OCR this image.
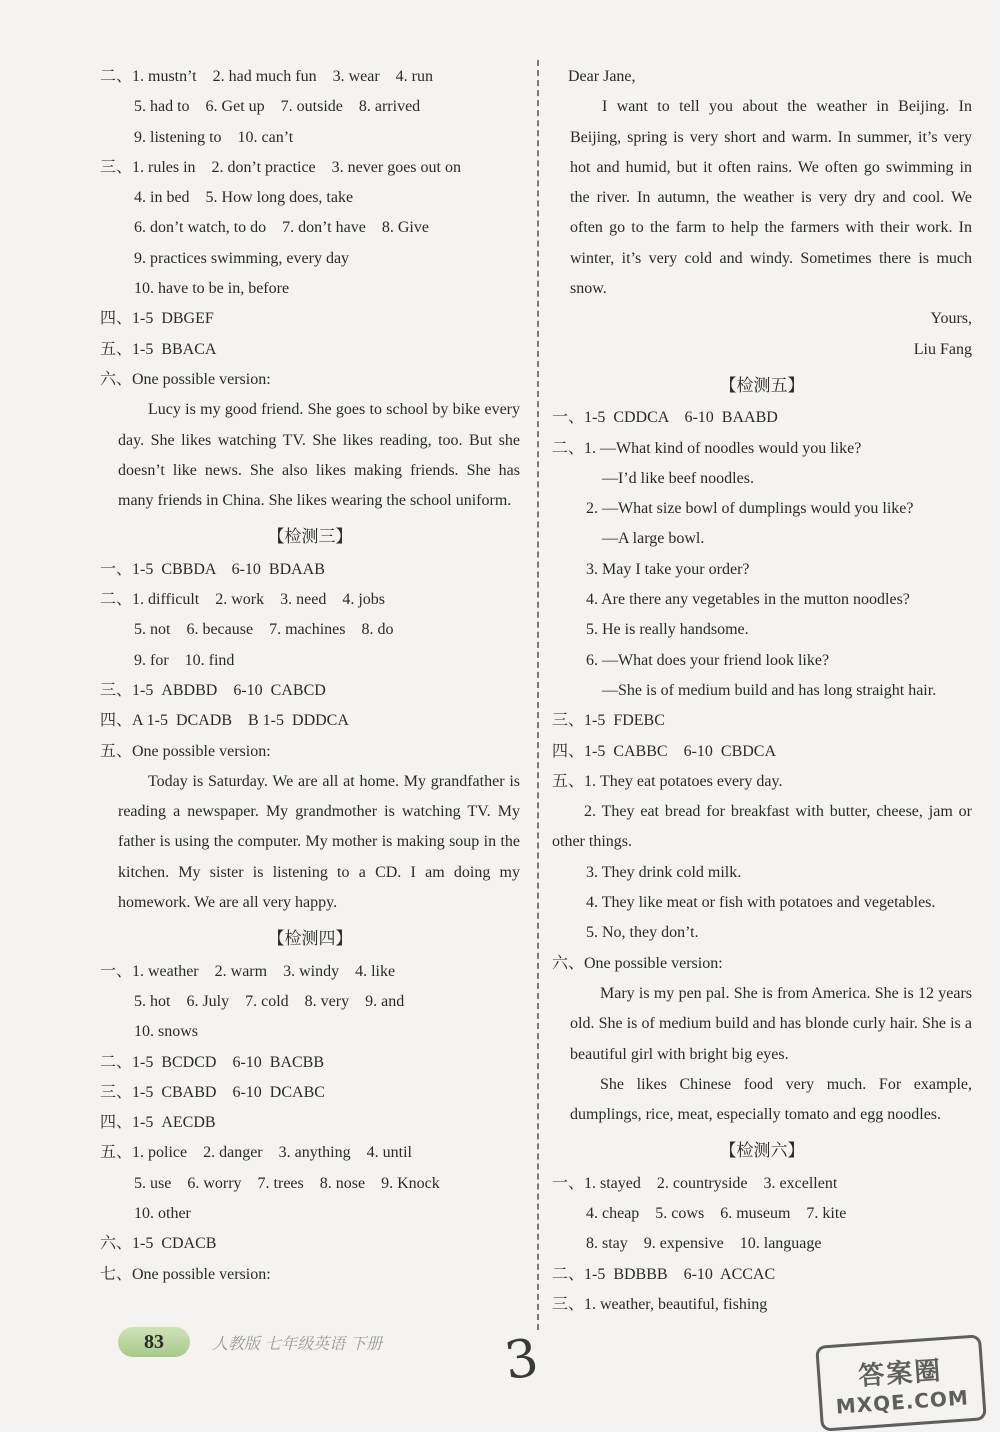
二、1. mustn’t    2. had much fun    3. wear    4. run
5. had to    6. Get up    7. outside    8. arrived
9. listening to    10. can’t
三、1. rules in    2. don’t practice    3. never goes out on
4. in bed    5. How long does, take
6. don’t watch, to do    7. don’t have    8. Give
9. practices swimming, every day
10. have to be in, before
四、1-5  DBGEF
五、1-5  BBACA
六、One possible version:
Lucy is my good friend. She goes to school by bike every day. She likes watching TV. She likes reading, too. But she doesn’t like news. She also likes making friends. She has many friends in China. She likes wearing the school uniform.
【检测三】
一、1-5  CBBDA    6-10  BDAAB
二、1. difficult    2. work    3. need    4. jobs
5. not    6. because    7. machines    8. do
9. for    10. find
三、1-5  ABDBD    6-10  CABCD
四、A 1-5  DCADB    B 1-5  DDDCA
五、One possible version:
Today is Saturday. We are all at home. My grandfather is reading a newspaper. My grandmother is watching TV. My father is using the computer. My mother is making soup in the kitchen. My sister is listening to a CD. I am doing my homework. We are all very happy.
【检测四】
一、1. weather    2. warm    3. windy    4. like
5. hot    6. July    7. cold    8. very    9. and
10. snows
二、1-5  BCDCD    6-10  BACBB
三、1-5  CBABD    6-10  DCABC
四、1-5  AECDB
五、1. police    2. danger    3. anything    4. until
5. use    6. worry    7. trees    8. nose    9. Knock
10. other
六、1-5  CDACB
七、One possible version:
Dear Jane,
I want to tell you about the weather in Beijing. In Beijing, spring is very short and warm. In summer, it’s very hot and humid, but it often rains. We often go swimming in the river. In autumn, the weather is very dry and cool. We often go to the farm to help the farmers with their work. In winter, it’s very cold and windy. Sometimes there is much snow.
Yours,
Liu Fang
【检测五】
一、1-5  CDDCA    6-10  BAABD
二、1. —What kind of noodles would you like?
—I’d like beef noodles.
2. —What size bowl of dumplings would you like?
—A large bowl.
3. May I take your order?
4. Are there any vegetables in the mutton noodles?
5. He is really handsome.
6. —What does your friend look like?
—She is of medium build and has long straight hair.
三、1-5  FDEBC
四、1-5  CABBC    6-10  CBDCA
五、1. They eat potatoes every day.
2. They eat bread for breakfast with butter, cheese, jam or other things.
3. They drink cold milk.
4. They like meat or fish with potatoes and vegetables.
5. No, they don’t.
六、One possible version:
Mary is my pen pal. She is from America. She is 12 years old. She is of medium build and has blonde curly hair. She is a beautiful girl with bright big eyes.
She likes Chinese food very much. For example, dumplings, rice, meat, especially tomato and egg noodles.
【检测六】
一、1. stayed    2. countryside    3. excellent
4. cheap    5. cows    6. museum    7. kite
8. stay    9. expensive    10. language
二、1-5  BDBBB    6-10  ACCAC
三、1. weather, beautiful, fishing
83	人教版 七年级英语 下册 3	答案圈
MXQE.COM
